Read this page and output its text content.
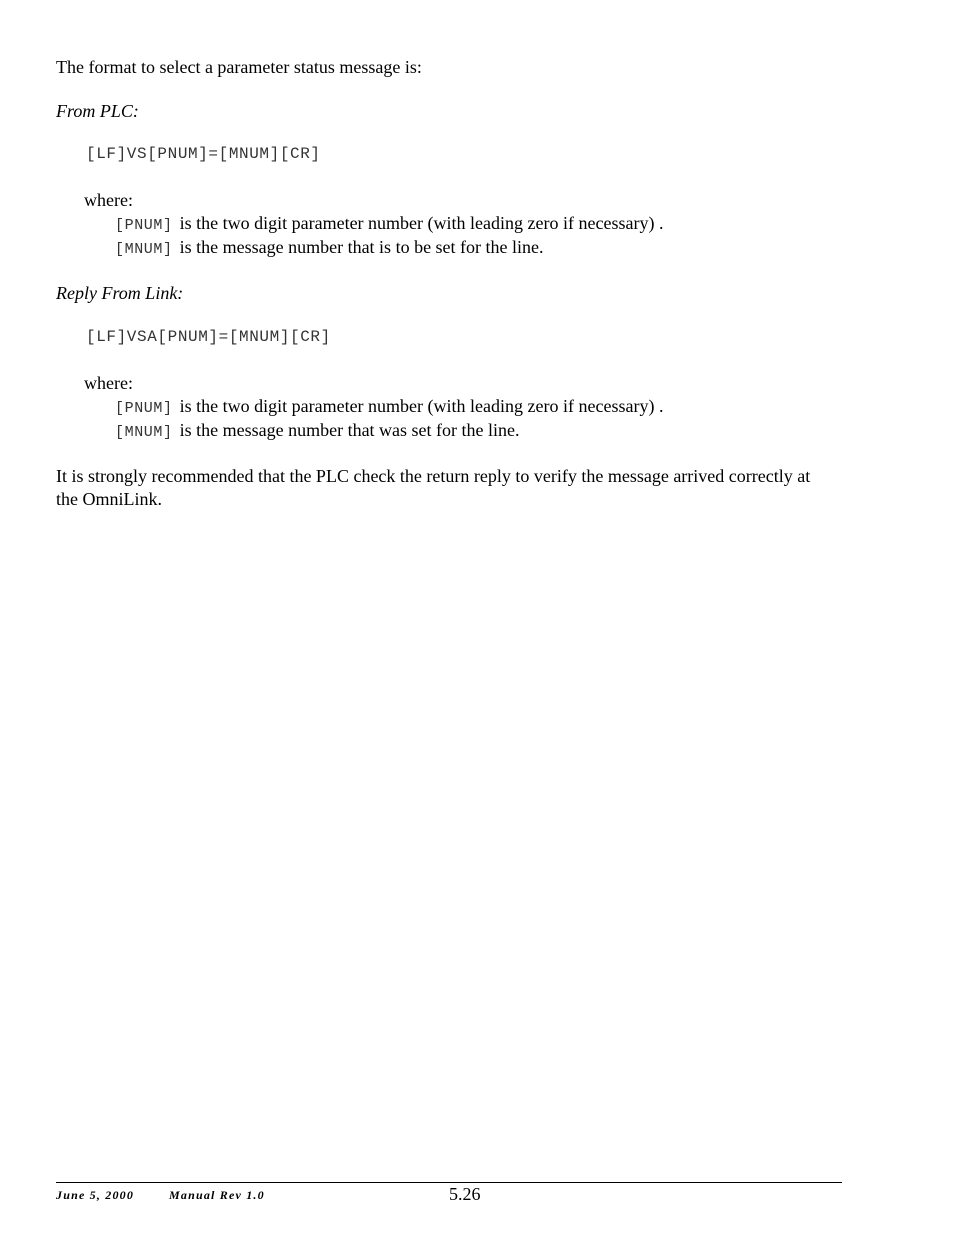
The format to select a parameter status message is:
From PLC:
[LF]VS[PNUM]=[MNUM][CR]
where:
[PNUM] is the two digit parameter number (with leading zero if necessary) .
[MNUM] is the message number that is to be set for the line.
Reply From Link:
[LF]VSA[PNUM]=[MNUM][CR]
where:
[PNUM] is the two digit parameter number (with leading zero if necessary) .
[MNUM] is the message number that was set for the line.
It is strongly recommended that the PLC check the return reply to verify the message arrived correctly at
the OmniLink.
June 5, 2000	Manual Rev 1.0	5.26
